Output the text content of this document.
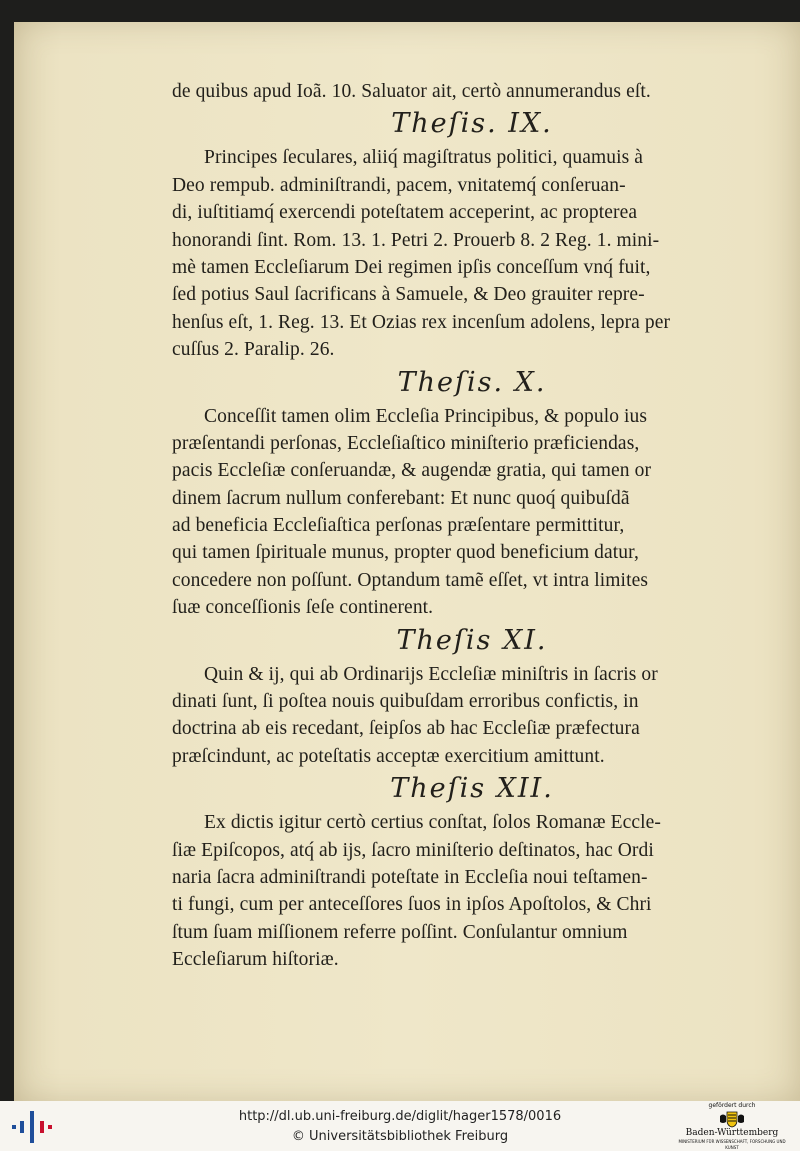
de quibus apud Ioã. 10. Saluator ait, certò annumerandus eſt.
Theſis. IX.
Principes ſeculares, aliiq́ magiſtratus politici, quamuis à
Deo rempub. adminiſtrandi, pacem, vnitatemq́ conſeruan-
di, iuſtitiamq́ exercendi poteſtatem acceperint, ac propterea
honorandi ſint. Rom. 13. 1. Petri 2. Prouerb 8. 2 Reg. 1. mini-
mè tamen Eccleſiarum Dei regimen ipſis conceſſum vnq́ fuit,
ſed potius Saul ſacrificans à Samuele, & Deo grauiter repre-
henſus eſt, 1. Reg. 13. Et Ozias rex incenſum adolens, lepra per
cuſſus 2. Paralip. 26.
Theſis. X.
Conceſſit tamen olim Eccleſia Principibus, & populo ius
præſentandi perſonas, Eccleſiaſtico miniſterio præficiendas,
pacis Eccleſiæ conſeruandæ, & augendæ gratia, qui tamen or
dinem ſacrum nullum conferebant: Et nunc quoq́ quibuſdã
ad beneficia Eccleſiaſtica perſonas præſentare permittitur,
qui tamen ſpirituale munus, propter quod beneficium datur,
concedere non poſſunt. Optandum tamẽ eſſet, vt intra limites
ſuæ conceſſionis ſeſe continerent.
Theſis XI.
Quin & ij, qui ab Ordinarijs Eccleſiæ miniſtris in ſacris or
dinati ſunt, ſi poſtea nouis quibuſdam erroribus confictis, in
doctrina ab eis recedant, ſeipſos ab hac Eccleſiæ præfectura
præſcindunt, ac poteſtatis acceptæ exercitium amittunt.
Theſis XII.
Ex dictis igitur certò certius conſtat, ſolos Romanæ Eccle-
ſiæ Epiſcopos, atq́ ab ijs, ſacro miniſterio deſtinatos, hac Ordi
naria ſacra adminiſtrandi poteſtate in Eccleſia noui teſtamen-
ti fungi, cum per anteceſſores ſuos in ipſos Apoſtolos, & Chri
ſtum ſuam miſſionem referre poſſint. Conſulantur omnium
Eccleſiarum hiſtoriæ.
http://dl.ub.uni-freiburg.de/diglit/hager1578/0016
© Universitätsbibliothek Freiburg
gefördert durch
Baden-Württemberg
MINISTERIUM FÜR WISSENSCHAFT, FORSCHUNG UND KUNST
